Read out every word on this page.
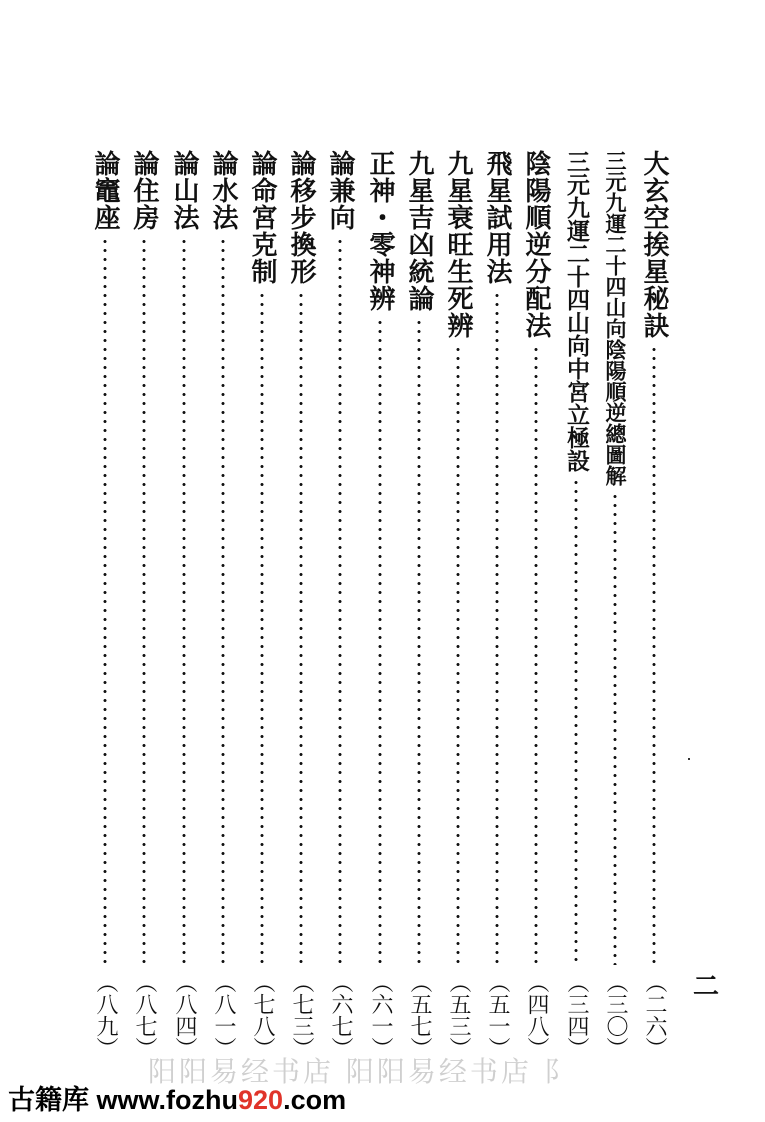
大玄空挨星秘訣
（二六）
三元九運二十四山向陰陽順逆總圖解
（三〇）
三元九運二十四山向中宮立極設
（三四）
陰陽順逆分配法
（四八）
飛星試用法
（五一）
九星衰旺生死辨
（五三）
九星吉凶統論
（五七）
正神・零神辨
（六一）
論兼向
（六七）
論移步換形
（七三）
論命宮克制
（七八）
論水法
（八一）
論山法
（八四）
論住房
（八七）
論竈座
（八九）	二
阳阳易经书店 阳阳易经书店 阝
古籍库 www.fozhu920.com
